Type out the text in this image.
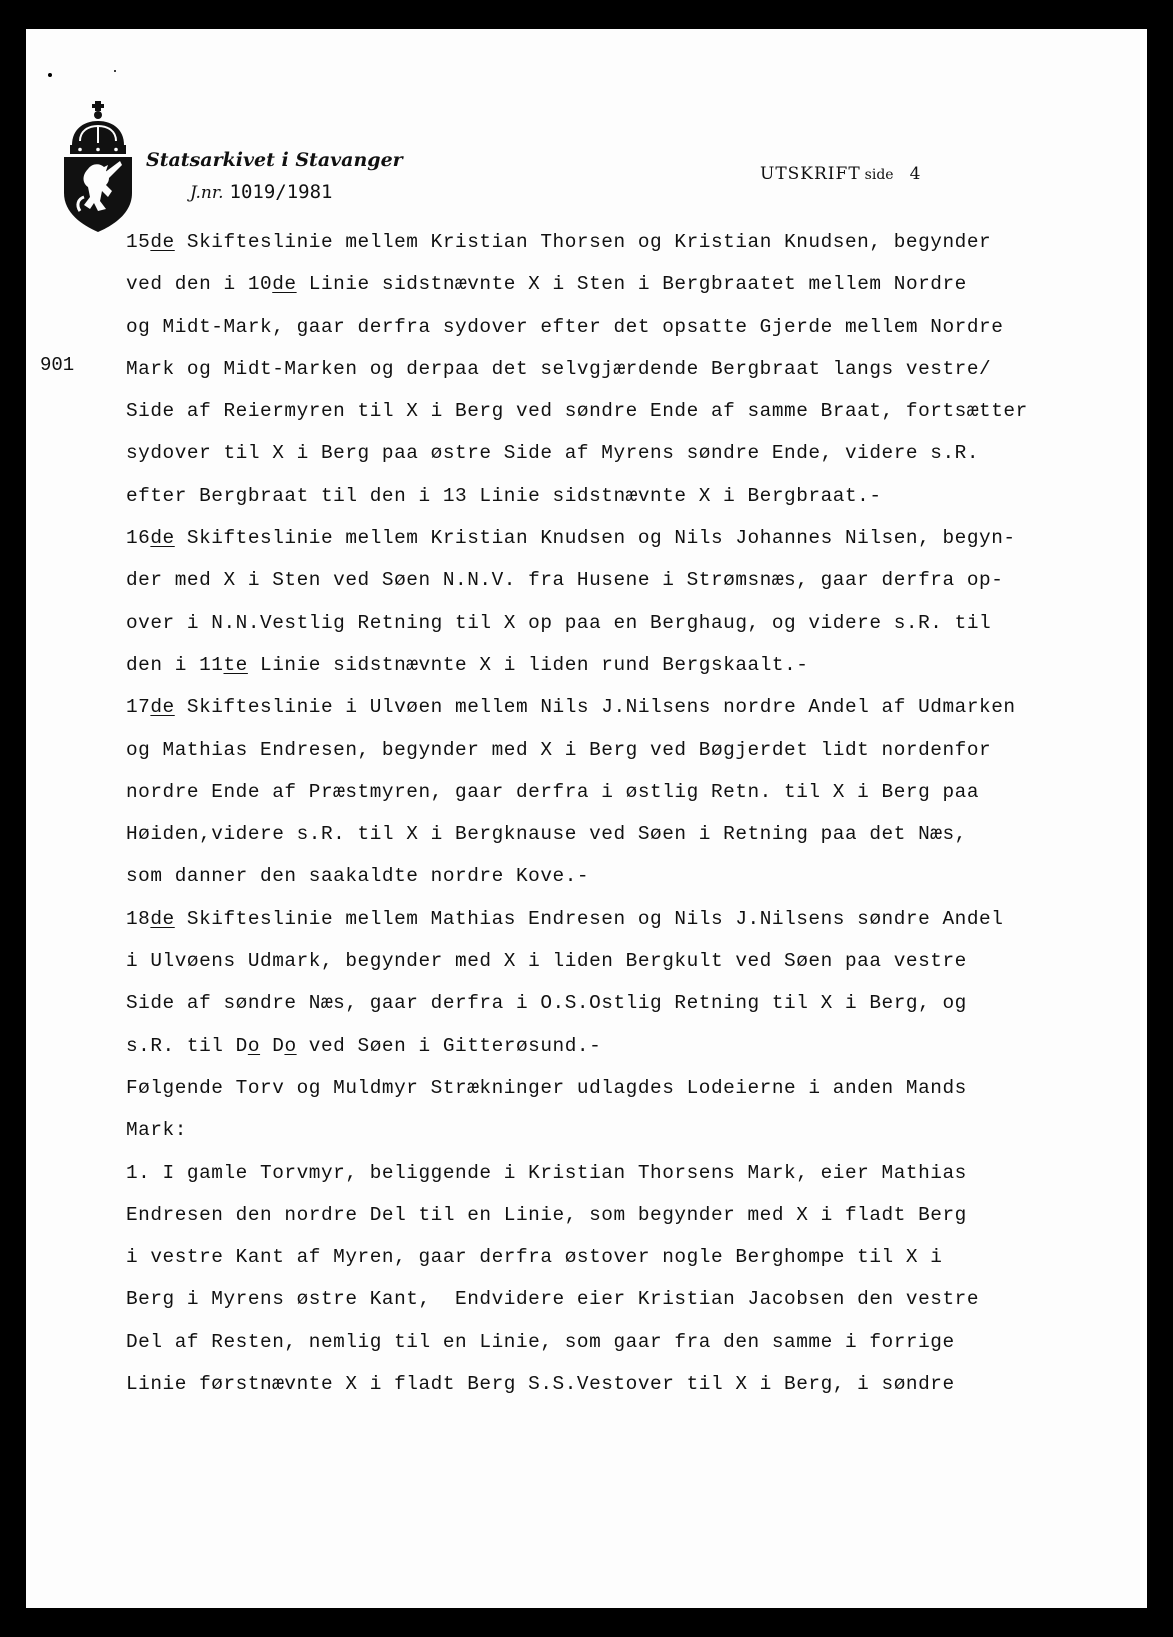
Statsarkivet i Stavanger
J.nr. 1019/1981
UTSKRIFT side 4
901
15de Skifteslinie mellem Kristian Thorsen og Kristian Knudsen, begynder
ved den i 10de Linie sidstnævnte X i Sten i Bergbraatet mellem Nordre
og Midt-Mark, gaar derfra sydover efter det opsatte Gjerde mellem Nordre
Mark og Midt-Marken og derpaa det selvgjærdende Bergbraat langs vestre/
Side af Reiermyren til X i Berg ved søndre Ende af samme Braat, fortsætter
sydover til X i Berg paa østre Side af Myrens søndre Ende, videre s.R.
efter Bergbraat til den i 13 Linie sidstnævnte X i Bergbraat.-
16de Skifteslinie mellem Kristian Knudsen og Nils Johannes Nilsen, begyn-
der med X i Sten ved Søen N.N.V. fra Husene i Strømsnæs, gaar derfra op-
over i N.N.Vestlig Retning til X op paa en Berghaug, og videre s.R. til
den i 11te Linie sidstnævnte X i liden rund Bergskaalt.-
17de Skifteslinie i Ulvøen mellem Nils J.Nilsens nordre Andel af Udmarken
og Mathias Endresen, begynder med X i Berg ved Bøgjerdet lidt nordenfor
nordre Ende af Præstmyren, gaar derfra i østlig Retn. til X i Berg paa
Høiden,videre s.R. til X i Bergknause ved Søen i Retning paa det Næs,
som danner den saakaldte nordre Kove.-
18de Skifteslinie mellem Mathias Endresen og Nils J.Nilsens søndre Andel
i Ulvøens Udmark, begynder med X i liden Bergkult ved Søen paa vestre
Side af søndre Næs, gaar derfra i O.S.Ostlig Retning til X i Berg, og
s.R. til Do Do ved Søen i Gitterøsund.-
Følgende Torv og Muldmyr Strækninger udlagdes Lodeierne i anden Mands
Mark:
1. I gamle Torvmyr, beliggende i Kristian Thorsens Mark, eier Mathias
Endresen den nordre Del til en Linie, som begynder med X i fladt Berg
i vestre Kant af Myren, gaar derfra østover nogle Berghompe til X i
Berg i Myrens østre Kant,  Endvidere eier Kristian Jacobsen den vestre
Del af Resten, nemlig til en Linie, som gaar fra den samme i forrige
Linie førstnævnte X i fladt Berg S.S.Vestover til X i Berg, i søndre
